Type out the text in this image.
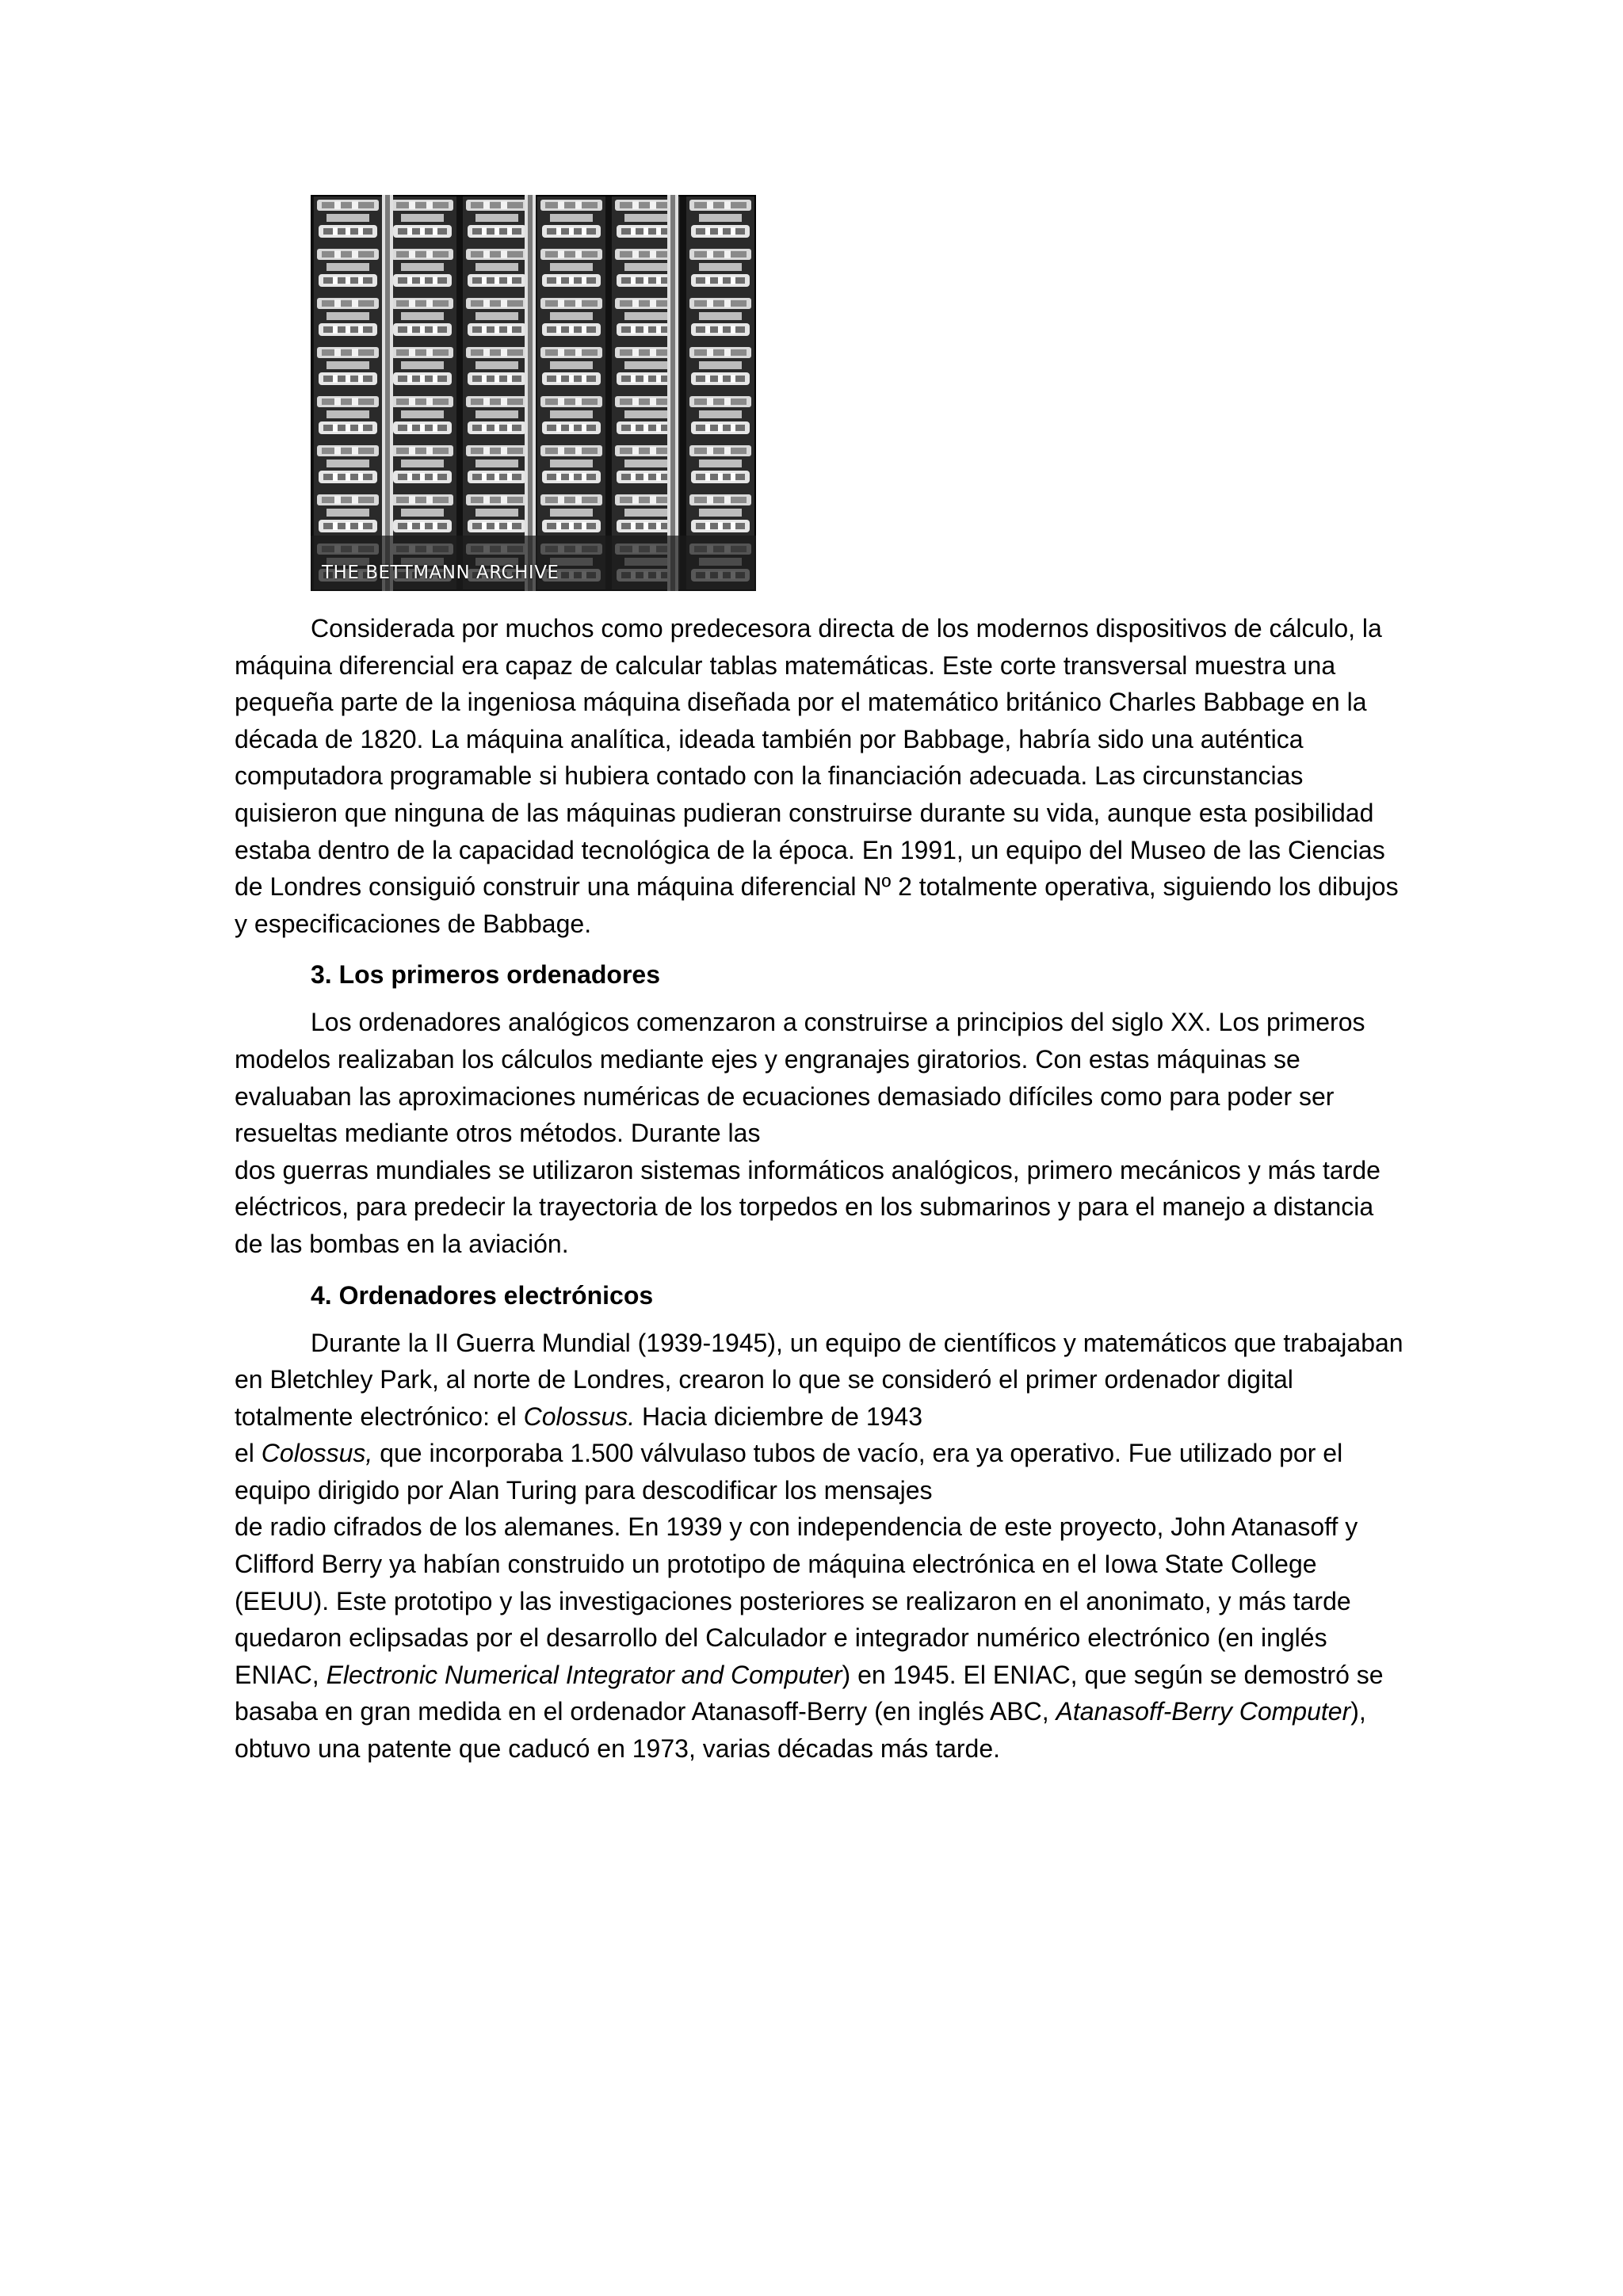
THE BETTMANN ARCHIVE

Considerada por muchos como predecesora directa de los modernos dispositivos de cálculo, la máquina diferencial era capaz de calcular tablas matemáticas. Este corte transversal muestra una pequeña parte de la ingeniosa máquina diseñada por el matemático británico Charles Babbage en la década de 1820. La máquina analítica, ideada también por Babbage, habría sido una auténtica computadora programable si hubiera contado con la financiación adecuada. Las circunstancias quisieron que ninguna de las máquinas pudieran construirse durante su vida, aunque esta posibilidad estaba dentro de la capacidad tecnológica de la época. En 1991, un equipo del Museo de las Ciencias de Londres consiguió construir una máquina diferencial Nº 2 totalmente operativa, siguiendo los dibujos y especificaciones de Babbage.

3. Los primeros ordenadores

Los ordenadores analógicos comenzaron a construirse a principios del siglo XX. Los primeros modelos realizaban los cálculos mediante ejes y engranajes giratorios. Con estas máquinas se evaluaban las aproximaciones numéricas de ecuaciones demasiado difíciles como para poder ser resueltas mediante otros métodos. Durante las
dos guerras mundiales se utilizaron sistemas informáticos analógicos, primero mecánicos y más tarde eléctricos, para predecir la trayectoria de los torpedos en los submarinos y para el manejo a distancia de las bombas en la aviación.

4. Ordenadores electrónicos

Durante la II Guerra Mundial (1939-1945), un equipo de científicos y matemáticos que trabajaban en Bletchley Park, al norte de Londres, crearon lo que se consideró el primer ordenador digital totalmente electrónico: el Colossus. Hacia diciembre de 1943
el Colossus, que incorporaba 1.500 válvulaso tubos de vacío, era ya operativo. Fue utilizado por el equipo dirigido por Alan Turing para descodificar los mensajes
de radio cifrados de los alemanes. En 1939 y con independencia de este proyecto, John Atanasoff y Clifford Berry ya habían construido un prototipo de máquina electrónica en el Iowa State College (EEUU). Este prototipo y las investigaciones posteriores se realizaron en el anonimato, y más tarde quedaron eclipsadas por el desarrollo del Calculador e integrador numérico electrónico (en inglés ENIAC, Electronic Numerical Integrator and Computer) en 1945. El ENIAC, que según se demostró se basaba en gran medida en el ordenador Atanasoff-Berry (en inglés ABC, Atanasoff-Berry Computer), obtuvo una patente que caducó en 1973, varias décadas más tarde.
